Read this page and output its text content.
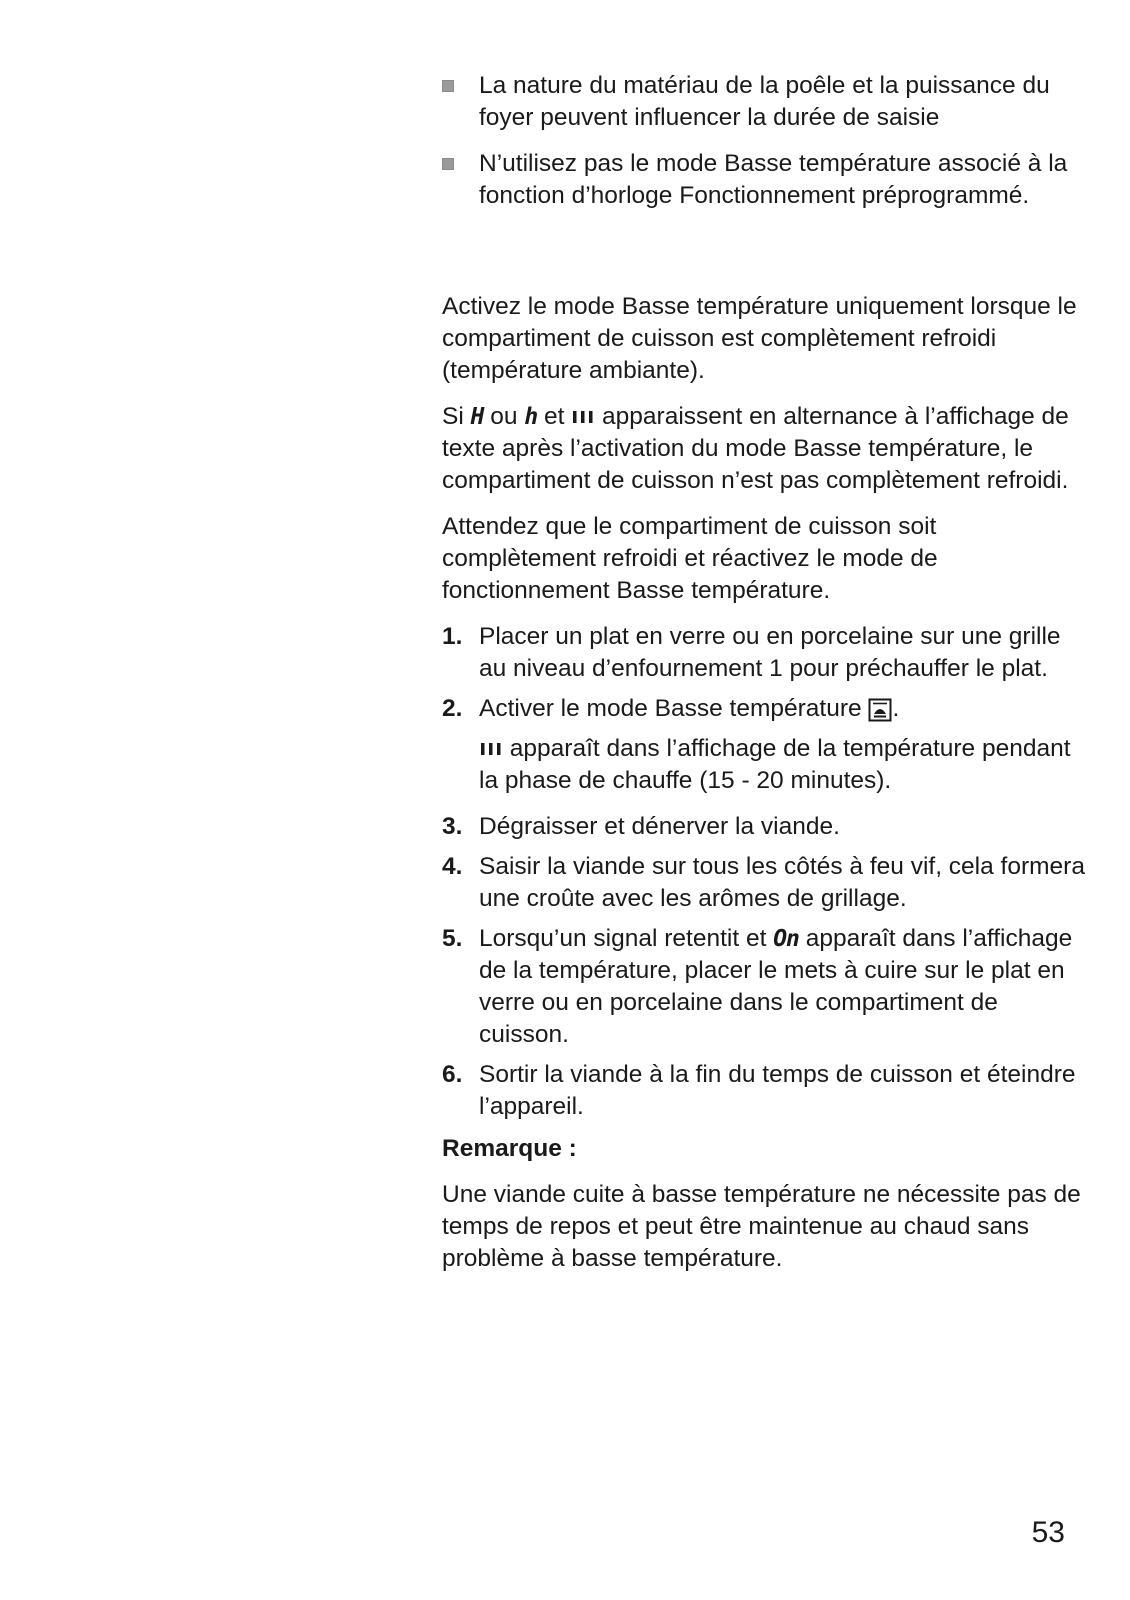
La nature du matériau de la poêle et la puissance du foyer peuvent influencer la durée de saisie
N’utilisez pas le mode Basse température associé à la fonction d’horloge Fonctionnement préprogrammé.

Activez le mode Basse température uniquement lorsque le compartiment de cuisson est complètement refroidi (température ambiante).

Si H ou h et
apparaissent en alternance à l’affichage de texte après l’activation du mode Basse température, le compartiment de cuisson n’est pas complètement refroidi.

Attendez que le compartiment de cuisson soit complètement refroidi et réactivez le mode de fonctionnement Basse température.

1. Placer un plat en verre ou en porcelaine sur une grille au niveau d’enfournement 1 pour préchauffer le plat.
2. Activer le mode Basse température
.
apparaît dans l’affichage de la température pendant la phase de chauffe (15 - 20 minutes).
3. Dégraisser et dénerver la viande.
4. Saisir la viande sur tous les côtés à feu vif, cela formera une croûte avec les arômes de grillage.
5. Lorsqu’un signal retentit et On apparaît dans l’affichage de la température, placer le mets à cuire sur le plat en verre ou en porcelaine dans le compartiment de cuisson.
6. Sortir la viande à la fin du temps de cuisson et éteindre l’appareil.
Remarque :

Une viande cuite à basse température ne nécessite pas de temps de repos et peut être maintenue au chaud sans problème à basse température.

53
